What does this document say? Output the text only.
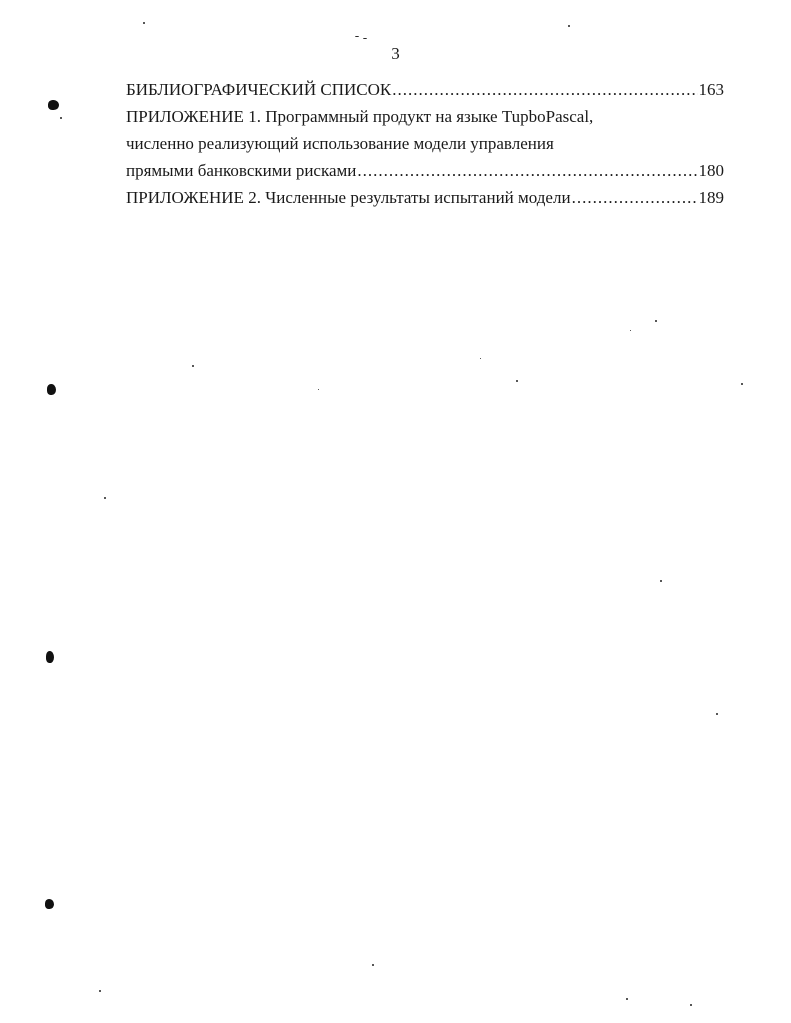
3
БИБЛИОГРАФИЧЕСКИЙ СПИСОК .....	163
ПРИЛОЖЕНИЕ 1. Программный продукт на языке TupboPascal,
численно реализующий использование модели управления
прямыми банковскими рисками .....	180
ПРИЛОЖЕНИЕ 2. Численные результаты испытаний модели .....	189
